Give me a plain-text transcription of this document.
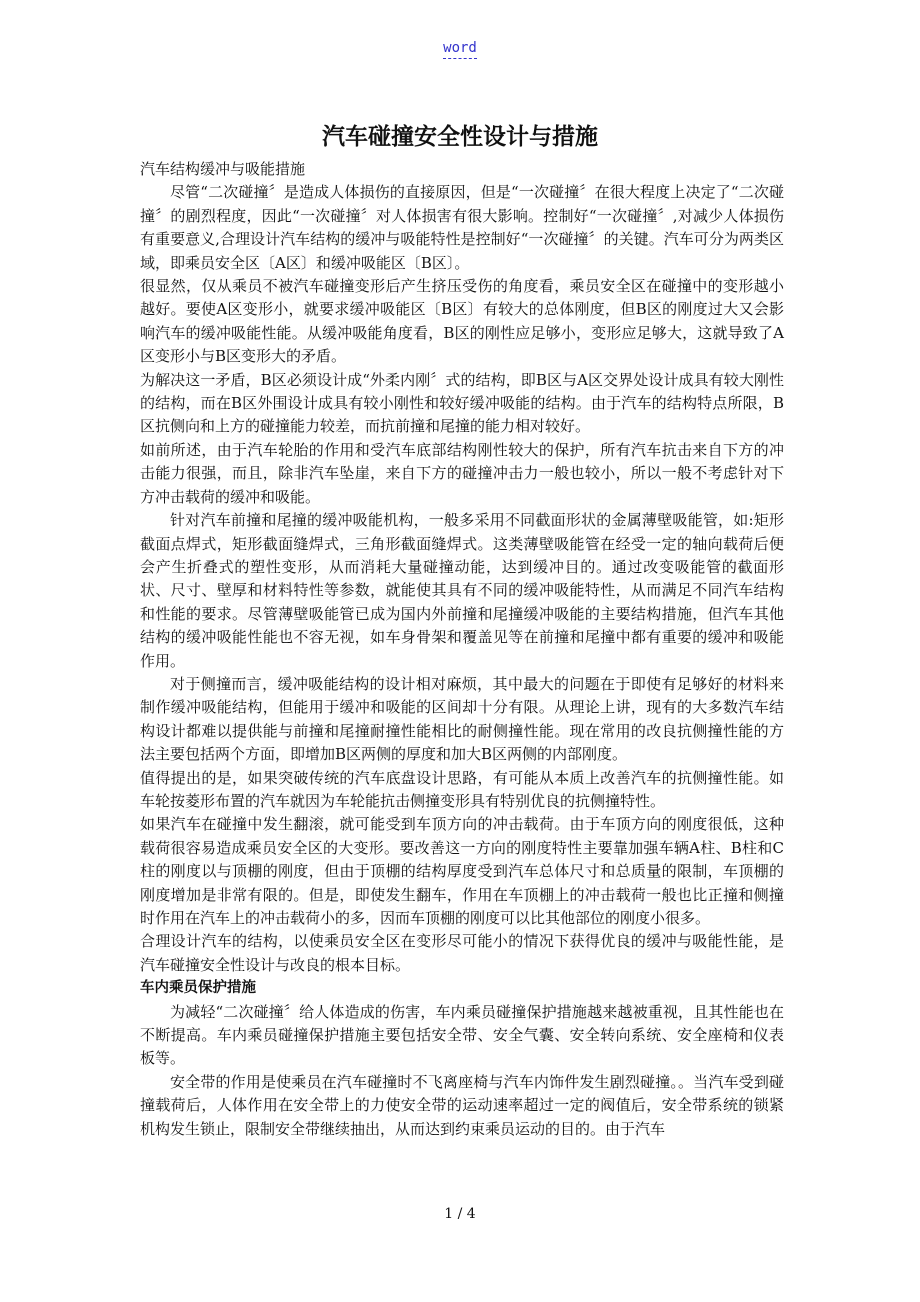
word
汽车碰撞安全性设计与措施

汽车结构缓冲与吸能措施

尽管“二次碰撞〞是造成人体损伤的直接原因，但是“一次碰撞〞在很大程度上决定了“二次碰撞〞的剧烈程度，因此“一次碰撞〞对人体损害有很大影响。控制好“一次碰撞〞,对减少人体损伤有重要意义,合理设计汽车结构的缓冲与吸能特性是控制好“一次碰撞〞的关键。汽车可分为两类区域，即乘员安全区〔A区〕和缓冲吸能区〔B区〕。

很显然，仅从乘员不被汽车碰撞变形后产生挤压受伤的角度看，乘员安全区在碰撞中的变形越小越好。要使A区变形小，就要求缓冲吸能区〔B区〕有较大的总体刚度，但B区的刚度过大又会影响汽车的缓冲吸能性能。从缓冲吸能角度看，B区的刚性应足够小，变形应足够大，这就导致了A区变形小与B区变形大的矛盾。

为解决这一矛盾，B区必须设计成“外柔内刚〞式的结构，即B区与A区交界处设计成具有较大刚性的结构，而在B区外围设计成具有较小刚性和较好缓冲吸能的结构。由于汽车的结构特点所限，B区抗侧向和上方的碰撞能力较差，而抗前撞和尾撞的能力相对较好。

如前所述，由于汽车轮胎的作用和受汽车底部结构刚性较大的保护，所有汽车抗击来自下方的冲击能力很强，而且，除非汽车坠崖，来自下方的碰撞冲击力一般也较小，所以一般不考虑针对下方冲击载荷的缓冲和吸能。

针对汽车前撞和尾撞的缓冲吸能机构，一般多采用不同截面形状的金属薄壁吸能管，如:矩形截面点焊式，矩形截面缝焊式，三角形截面缝焊式。这类薄壁吸能管在经受一定的轴向载荷后便会产生折叠式的塑性变形，从而消耗大量碰撞动能，达到缓冲目的。通过改变吸能管的截面形状、尺寸、壁厚和材料特性等参数，就能使其具有不同的缓冲吸能特性，从而满足不同汽车结构和性能的要求。尽管薄壁吸能管已成为国内外前撞和尾撞缓冲吸能的主要结构措施，但汽车其他结构的缓冲吸能性能也不容无视，如车身骨架和覆盖见等在前撞和尾撞中都有重要的缓冲和吸能作用。

对于侧撞而言，缓冲吸能结构的设计相对麻烦，其中最大的问题在于即使有足够好的材料来制作缓冲吸能结构，但能用于缓冲和吸能的区间却十分有限。从理论上讲，现有的大多数汽车结构设计都难以提供能与前撞和尾撞耐撞性能相比的耐侧撞性能。现在常用的改良抗侧撞性能的方法主要包括两个方面，即增加B区两侧的厚度和加大B区两侧的内部刚度。

值得提出的是，如果突破传统的汽车底盘设计思路，有可能从本质上改善汽车的抗侧撞性能。如车轮按菱形布置的汽车就因为车轮能抗击侧撞变形具有特别优良的抗侧撞特性。

如果汽车在碰撞中发生翻滚，就可能受到车顶方向的冲击载荷。由于车顶方向的刚度很低，这种载荷很容易造成乘员安全区的大变形。要改善这一方向的刚度特性主要靠加强车辆A柱、B柱和C柱的刚度以与顶棚的刚度，但由于顶棚的结构厚度受到汽车总体尺寸和总质量的限制，车顶棚的刚度增加是非常有限的。但是，即使发生翻车，作用在车顶棚上的冲击载荷一般也比正撞和侧撞时作用在汽车上的冲击载荷小的多，因而车顶棚的刚度可以比其他部位的刚度小很多。

合理设计汽车的结构，以使乘员安全区在变形尽可能小的情况下获得优良的缓冲与吸能性能，是汽车碰撞安全性设计与改良的根本目标。

车内乘员保护措施

为减轻“二次碰撞〞给人体造成的伤害，车内乘员碰撞保护措施越来越被重视，且其性能也在不断提高。车内乘员碰撞保护措施主要包括安全带、安全气囊、安全转向系统、安全座椅和仪表板等。

安全带的作用是使乘员在汽车碰撞时不飞离座椅与汽车内饰件发生剧烈碰撞。。当汽车受到碰撞载荷后，人体作用在安全带上的力使安全带的运动速率超过一定的阀值后，安全带系统的锁紧机构发生锁止，限制安全带继续抽出，从而达到约束乘员运动的目的。由于汽车

1 / 4
